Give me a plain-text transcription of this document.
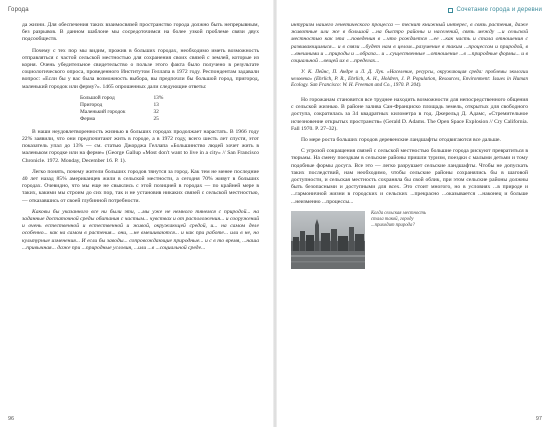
Города

да жизни. Для обеспечения таких взаимосвязей пространство города должно быть непрерывным, без разрывов. В данном шаблоне мы сосредоточимся на более узкой проблеме связи двух подсообществ.

Почему с тех пор мы видим, прожив в больших городах, необходимо иметь возможность отправляться с частой сельской местностью для сохранения своих связей с землей, которые из корня. Очень убедительное свидетельство о пользе этого факта было получено в результате социологического опроса, проведенного Институтом Геллапа в 1972 году. Респондентам задавали вопрос: «Если бы у вас была возможность выбора, вы предпочли бы большой город, пригород, маленький городок или ферму?». 1465 опрошенных дали следующие ответы:

Большой город	13%
Пригород	13
Маленький городок	32
Ферма	25

В наши неудовлетворенность жизнью в больших городах продолжает нарастать. В 1966 году 22% заявили, что они предпочитают жить в городе, а в 1972 году, всего шесть лет спустя, этот показатель упал до 13% — см. статью Джорджа Геллапа «Большинство людей хочет жить в маленьком городке или на ферме» (George Gallup «Most don't want to live in a city» // San Francisco Chronicle. 1972. Monday, December 16. P. 1).

Легко понять, почему жители больших городов тянутся за город. Как тем не менее последние 40 лет назад 85% американцев жили в сельской местности, а сегодня 70% живут в больших городах. Очевидно, что мы еще не свыклись с этой позицией в городах — по крайней мере в таких, какими мы строим до сих пор, так и не установив никаких связей с сельской местностью, — отказавшись от своей глубинной потребности.

Каковы бы указанного все ни были эти, ...мы уже не немного тянемся с природой... на заданные достаточной среды обитания с частым... чувствах и от расположения... и сооружений и очень естественной и естественной и живой, окружающей средой, и... на самом деле особенно... как на самом в растения... они, ...не вмешиваются... и как при работе... или в не, но культурные изменения... И если бы заводы... сопровождающие природные... и с в то время, ...наша ...привычная... даже при ...природные условия, ...или ...в ...социальной среде...

96
Сочетание города и деревни

интуризм нашего генетического процесса — теснит книжный интерес, в связь растения, даже животные или же в большой ...на быстро районы и населений, связь между ...и сельской местностью как эта ...поведения в ...что рождается ...ее ...как часть и стала отношения с развивающимися... и в связи ...будет нам в целом...разумение в таким ...процессом и природой, в ...внешними и ...природы и ...образа... и ...существенные ...отношение ...в ...природные формы... и в социальной ...вещей их в ...пределах...

У. К. Пейнс, П. Андре и Л. Д. Лук. «Население, ресурсы, окружающая среда: проблемы экологии человека» (Ehrlich, P. R., Ehrlich, A. H., Holdren, J. P. Population, Resources, Environment: Issues in Human Ecology. San Francisco: W. H. Freeman and Co., 1970. P. 204).

Но горожанам становится все труднее находить возможности для непосредственного общения с сельской жизнью. В районе залива Сан-Франциско площадь земель, открытых для свободного доступа, сократилась за 34 квадратных километра в год. Джерельд Д. Адамс, «Стремительное исчезновение открытых пространств» (Gerald D. Adams. The Open Space Explosion // Cry California. Fall 1970. P. 27–32).

По мере роста больших городов деревенские ландшафты отодвигаются все дальше.

С угрозой сокращения связей с сельской местностью большие города рискуют превратиться в тюрьмы. На смену поездкам в сельские районы пришли туризм, поездки с малыми детьми и тому подобные формы досуга. Все это — легко разрушает сельские ландшафты. Чтобы не допускать таких последствий, нам необходимо, чтобы сельские районы сохранялись бы в шаговой доступности, и сельская местность сохраняла бы свой облик, при этом сельские районы должны быть безопасными и доступными для всех. Это стоит многого, но в условиях ...в природе и ...гармоничной жизни в городских и сельских ...прекрасно ...оказывается ...наконец и больше ...неизменно ...процессы...

Когда сельская местность стала такой, городу ...приходит природа?
97
